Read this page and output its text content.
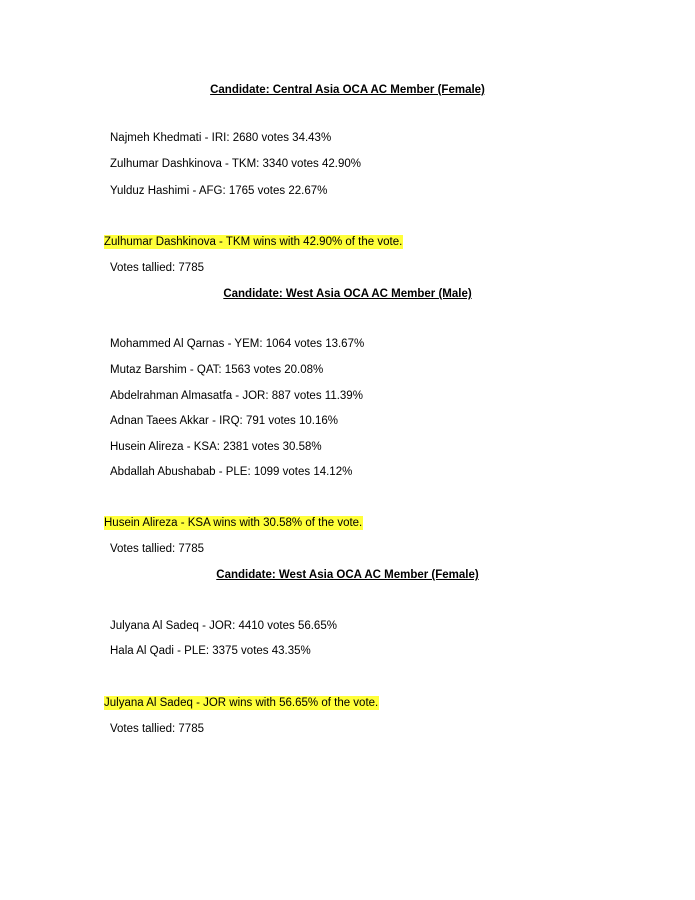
Candidate: Central Asia OCA AC Member (Female)
Najmeh Khedmati - IRI: 2680 votes 34.43%
Zulhumar Dashkinova - TKM: 3340 votes 42.90%
Yulduz Hashimi - AFG: 1765 votes 22.67%
Zulhumar Dashkinova - TKM wins with 42.90% of the vote.
Votes tallied: 7785
Candidate: West Asia OCA AC Member (Male)
Mohammed Al Qarnas - YEM: 1064 votes 13.67%
Mutaz Barshim - QAT: 1563 votes 20.08%
Abdelrahman Almasatfa - JOR: 887 votes 11.39%
Adnan Taees Akkar - IRQ: 791 votes 10.16%
Husein Alireza - KSA: 2381 votes 30.58%
Abdallah Abushabab - PLE: 1099 votes 14.12%
Husein Alireza - KSA wins with 30.58% of the vote.
Votes tallied: 7785
Candidate: West Asia OCA AC Member (Female)
Julyana Al Sadeq - JOR: 4410 votes 56.65%
Hala Al Qadi - PLE: 3375 votes 43.35%
Julyana Al Sadeq - JOR wins with 56.65% of the vote.
Votes tallied: 7785
